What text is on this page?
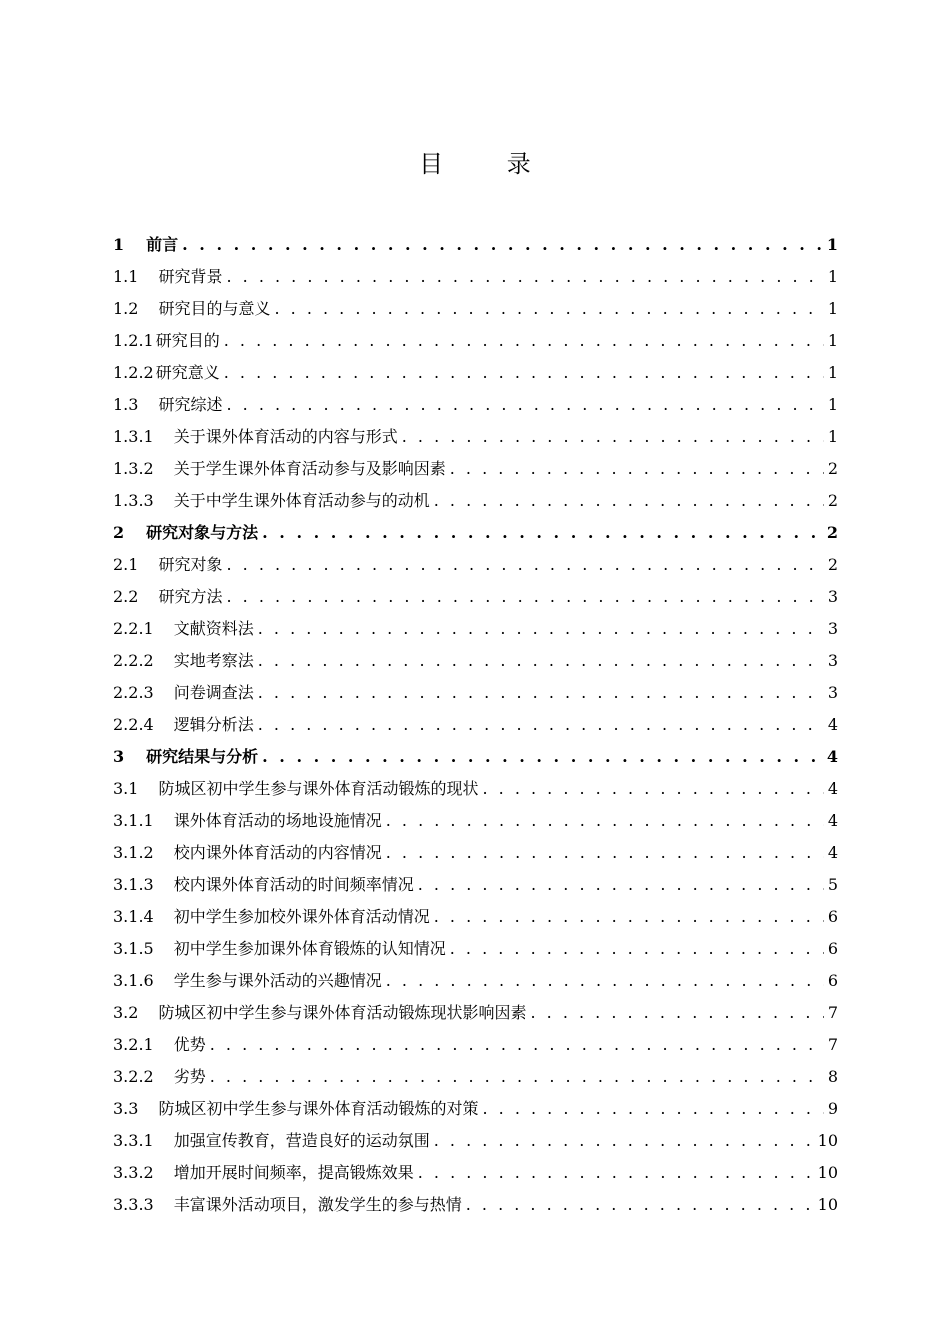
目 录
1 前言 . . .	1
1.1 研究背景 . . .	1
1.2 研究目的与意义 . . .	1
1.2.1 研究目的 . . .	1
1.2.2 研究意义 . . .	1
1.3 研究综述 . . .	1
1.3.1 关于课外体育活动的内容与形式 . . .	1
1.3.2 关于学生课外体育活动参与及影响因素 . . .	2
1.3.3 关于中学生课外体育活动参与的动机 . . .	2
2 研究对象与方法 . . .	2
2.1 研究对象 . . .	2
2.2 研究方法 . . .	3
2.2.1 文献资料法 . . .	3
2.2.2 实地考察法 . . .	3
2.2.3 问卷调查法 . . .	3
2.2.4 逻辑分析法 . . .	4
3 研究结果与分析 . . .	4
3.1 防城区初中学生参与课外体育活动锻炼的现状 . . .	4
3.1.1 课外体育活动的场地设施情况 . . .	4
3.1.2 校内课外体育活动的内容情况 . . .	4
3.1.3 校内课外体育活动的时间频率情况 . . .	5
3.1.4 初中学生参加校外课外体育活动情况 . . .	6
3.1.5 初中学生参加课外体育锻炼的认知情况 . . .	6
3.1.6 学生参与课外活动的兴趣情况 . . .	6
3.2 防城区初中学生参与课外体育活动锻炼现状影响因素 . . .	7
3.2.1 优势 . . .	7
3.2.2 劣势 . . .	8
3.3 防城区初中学生参与课外体育活动锻炼的对策 . . .	9
3.3.1 加强宣传教育，营造良好的运动氛围 . . .	10
3.3.2 增加开展时间频率，提高锻炼效果 . . .	10
3.3.3 丰富课外活动项目，激发学生的参与热情 . . .	10
